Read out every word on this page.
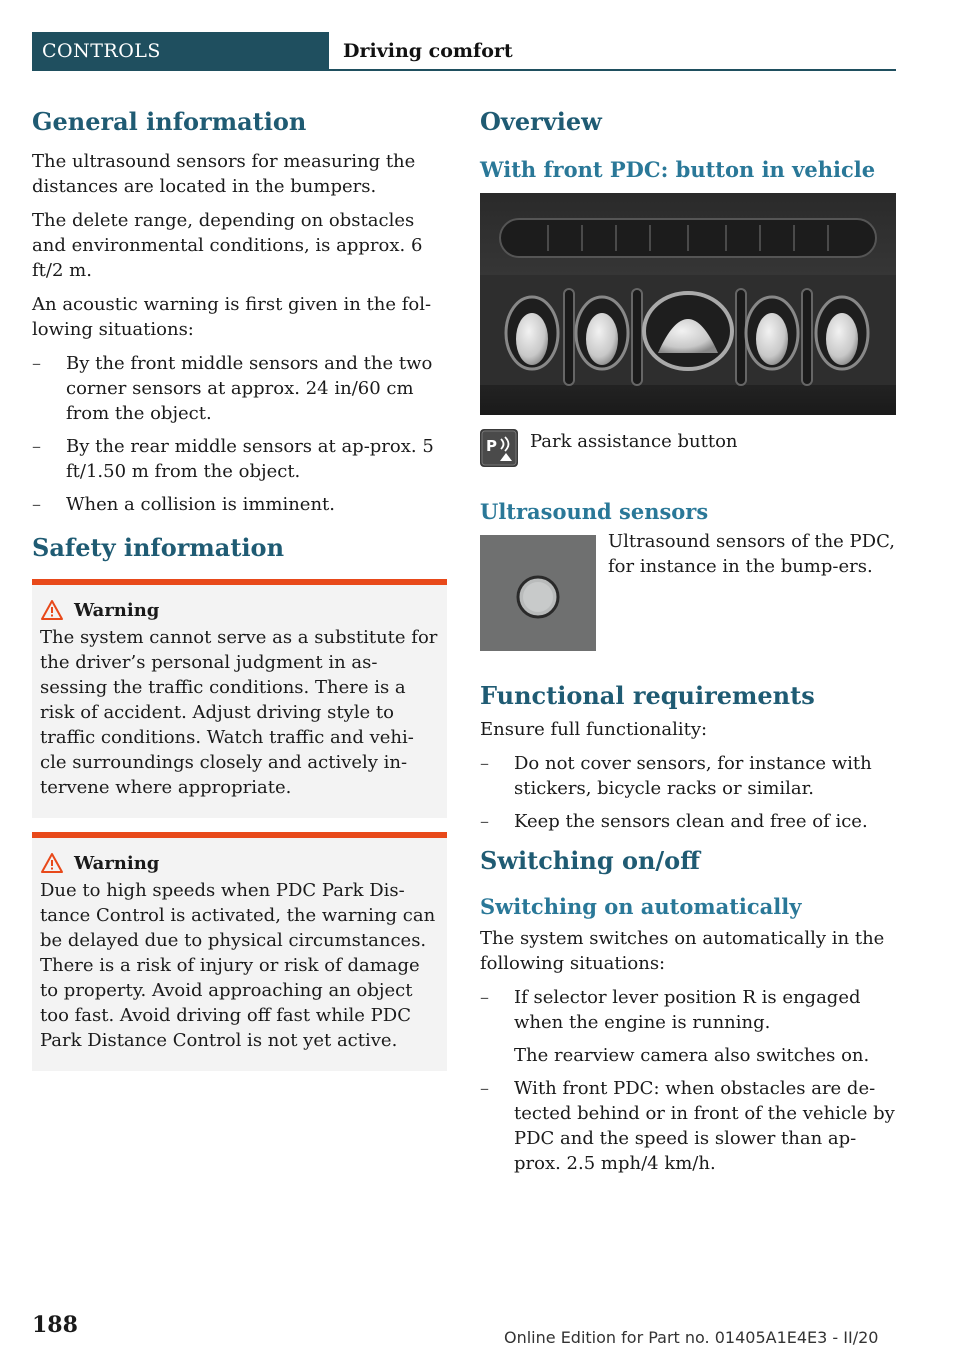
CONTROLS	Driving comfort
General information

The ultrasound sensors for measuring the distances are located in the bumpers.

The delete range, depending on obstacles and environmental conditions, is approx. 6 ft/2 m.

An acoustic warning is first given in the fol‐lowing situations:

– By the front middle sensors and the two corner sensors at approx. 24 in/60 cm from the object.
– By the rear middle sensors at ap‐prox. 5 ft/1.50 m from the object.
– When a collision is imminent.
Safety information
Warning

The system cannot serve as a substitute for the driver’s personal judgment in as‐sessing the traffic conditions. There is a risk of accident. Adjust driving style to traffic conditions. Watch traffic and vehi‐cle surroundings closely and actively in‐tervene where appropriate.

Warning

Due to high speeds when PDC Park Dis‐tance Control is activated, the warning can be delayed due to physical circumstances. There is a risk of injury or risk of damage to property. Avoid approaching an object too fast. Avoid driving off fast while PDC Park Distance Control is not yet active.

Overview
With front PDC: button in vehicle
P Park assistance button

Ultrasound sensors

Ultrasound sensors of the PDC, for instance in the bump‐ers.

Functional requirements

Ensure full functionality:

– Do not cover sensors, for instance with stickers, bicycle racks or similar.
– Keep the sensors clean and free of ice.
Switching on/off
Switching on automatically

The system switches on automatically in the following situations:

– If selector lever position R is engaged when the engine is running.
The rearview camera also switches on.
– With front PDC: when obstacles are de‐tected behind or in front of the vehicle by PDC and the speed is slower than ap‐prox. 2.5 mph/4 km/h.
188	Online Edition for Part no. 01405A1E4E3 - II/20
